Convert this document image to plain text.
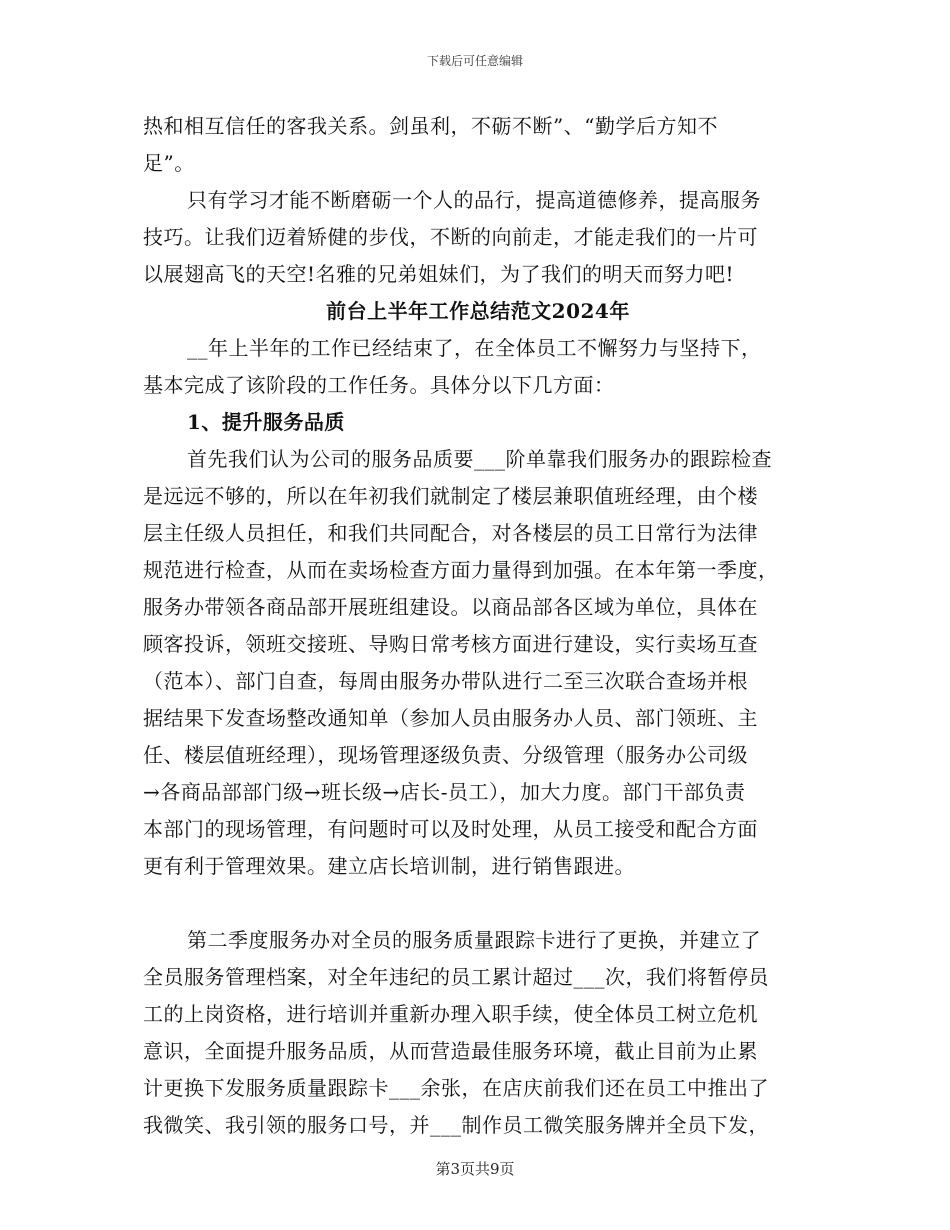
下载后可任意编辑
热和相互信任的客我关系。剑虽利，不砺不断”、“勤学后方知不
足”。
只有学习才能不断磨砺一个人的品行，提高道德修养，提高服务
技巧。让我们迈着矫健的步伐，不断的向前走，才能走我们的一片可
以展翅高飞的天空!名雅的兄弟姐妹们，为了我们的明天而努力吧!
前台上半年工作总结范文2024年
__年上半年的工作已经结束了，在全体员工不懈努力与坚持下，
基本完成了该阶段的工作任务。具体分以下几方面：
1、提升服务品质
首先我们认为公司的服务品质要___阶单靠我们服务办的跟踪检查
是远远不够的，所以在年初我们就制定了楼层兼职值班经理，由个楼
层主任级人员担任，和我们共同配合，对各楼层的员工日常行为法律
规范进行检查，从而在卖场检查方面力量得到加强。在本年第一季度，
服务办带领各商品部开展班组建设。以商品部各区域为单位，具体在
顾客投诉，领班交接班、导购日常考核方面进行建设，实行卖场互查
（范本）、部门自查，每周由服务办带队进行二至三次联合查场并根
据结果下发查场整改通知单（参加人员由服务办人员、部门领班、主
任、楼层值班经理），现场管理逐级负责、分级管理（服务办公司级
→各商品部部门级→班长级→店长-员工），加大力度。部门干部负责
本部门的现场管理，有问题时可以及时处理，从员工接受和配合方面
更有利于管理效果。建立店长培训制，进行销售跟进。
第二季度服务办对全员的服务质量跟踪卡进行了更换，并建立了
全员服务管理档案，对全年违纪的员工累计超过___次，我们将暂停员
工的上岗资格，进行培训并重新办理入职手续，使全体员工树立危机
意识，全面提升服务品质，从而营造最佳服务环境，截止目前为止累
计更换下发服务质量跟踪卡___余张，在店庆前我们还在员工中推出了
我微笑、我引领的服务口号，并___制作员工微笑服务牌并全员下发，
第3页共9页
